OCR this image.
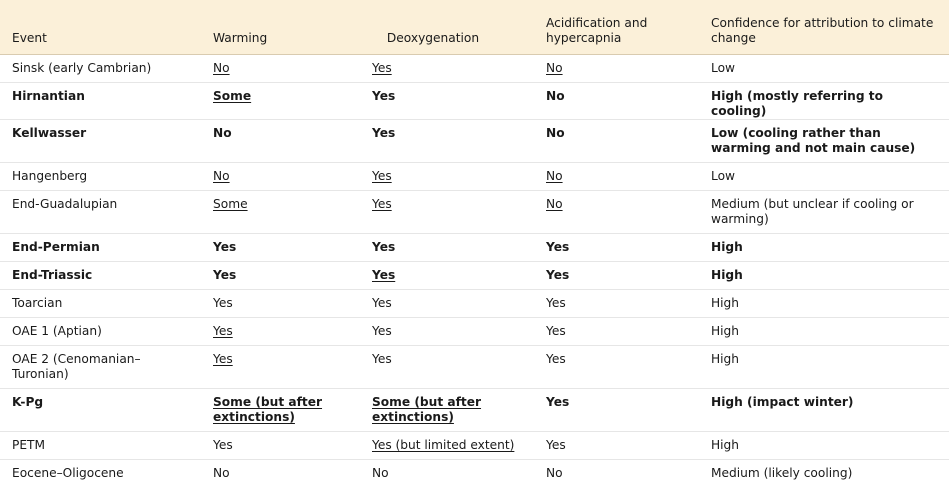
Event	Warming	Deoxygenation	Acidification and hypercapnia	Confidence for attribution to climate change
Sinsk (early Cambrian)	No	Yes	No	Low
Hirnantian	Some	Yes	No	High (mostly referring to cooling)
Kellwasser	No	Yes	No	Low (cooling rather than warming and not main cause)
Hangenberg	No	Yes	No	Low
End-Guadalupian	Some	Yes	No	Medium (but unclear if cooling or warming)
End-Permian	Yes	Yes	Yes	High
End-Triassic	Yes	Yes	Yes	High
Toarcian	Yes	Yes	Yes	High
OAE 1 (Aptian)	Yes	Yes	Yes	High
OAE 2 (Cenomanian–Turonian)	Yes	Yes	Yes	High
K-Pg	Some (but after extinctions)	Some (but after extinctions)	Yes	High (impact winter)
PETM	Yes	Yes (but limited extent)	Yes	High
Eocene–Oligocene	No	No	No	Medium (likely cooling)
